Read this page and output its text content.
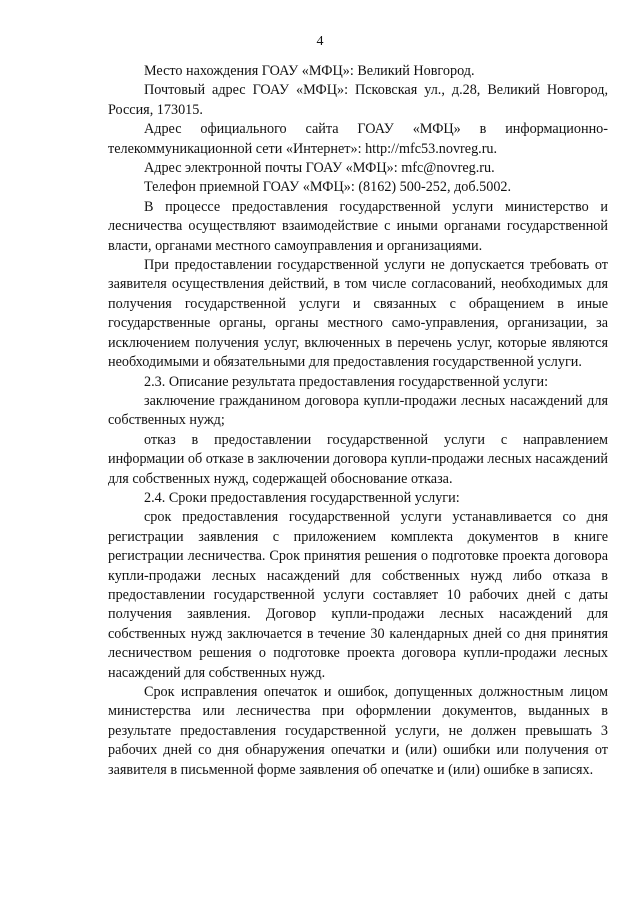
4

Место нахождения ГОАУ «МФЦ»: Великий Новгород.

Почтовый адрес ГОАУ «МФЦ»: Псковская ул., д.28, Великий Новгород, Россия, 173015.

Адрес официального сайта ГОАУ «МФЦ» в информационно-телекоммуникационной сети «Интернет»: http://mfc53.novreg.ru.

Адрес электронной почты ГОАУ «МФЦ»: mfc@novreg.ru.

Телефон приемной ГОАУ «МФЦ»: (8162) 500-252, доб.5002.

В процессе предоставления государственной услуги министерство и лесничества осуществляют взаимодействие с иными органами государственной власти, органами местного самоуправления и организациями.

При предоставлении государственной услуги не допускается требовать от заявителя осуществления действий, в том числе согласований, необходимых для получения государственной услуги и связанных с обращением в иные государственные органы, органы местного само-управления, организации, за исключением получения услуг, включенных в перечень услуг, которые являются необходимыми и обязательными для предоставления государственной услуги.

2.3. Описание результата предоставления государственной услуги:

заключение гражданином договора купли-продажи лесных насаждений для собственных нужд;

отказ в предоставлении государственной услуги с направлением информации об отказе в заключении договора купли-продажи лесных насаждений для собственных нужд, содержащей обоснование отказа.

2.4. Сроки предоставления государственной услуги:

срок предоставления государственной услуги устанавливается со дня регистрации заявления с приложением комплекта документов в книге регистрации лесничества. Срок принятия решения о подготовке проекта договора купли-продажи лесных насаждений для собственных нужд либо отказа в предоставлении государственной услуги составляет 10 рабочих дней с даты получения заявления. Договор купли-продажи лесных насаждений для собственных нужд заключается в течение 30 календарных дней со дня принятия лесничеством решения о подготовке проекта договора купли-продажи лесных насаждений для собственных нужд.

Срок исправления опечаток и ошибок, допущенных должностным лицом министерства или лесничества при оформлении документов, выданных в результате предоставления государственной услуги, не должен превышать 3 рабочих дней со дня обнаружения опечатки и (или) ошибки или получения от заявителя в письменной форме заявления об опечатке и (или) ошибке в записях.
